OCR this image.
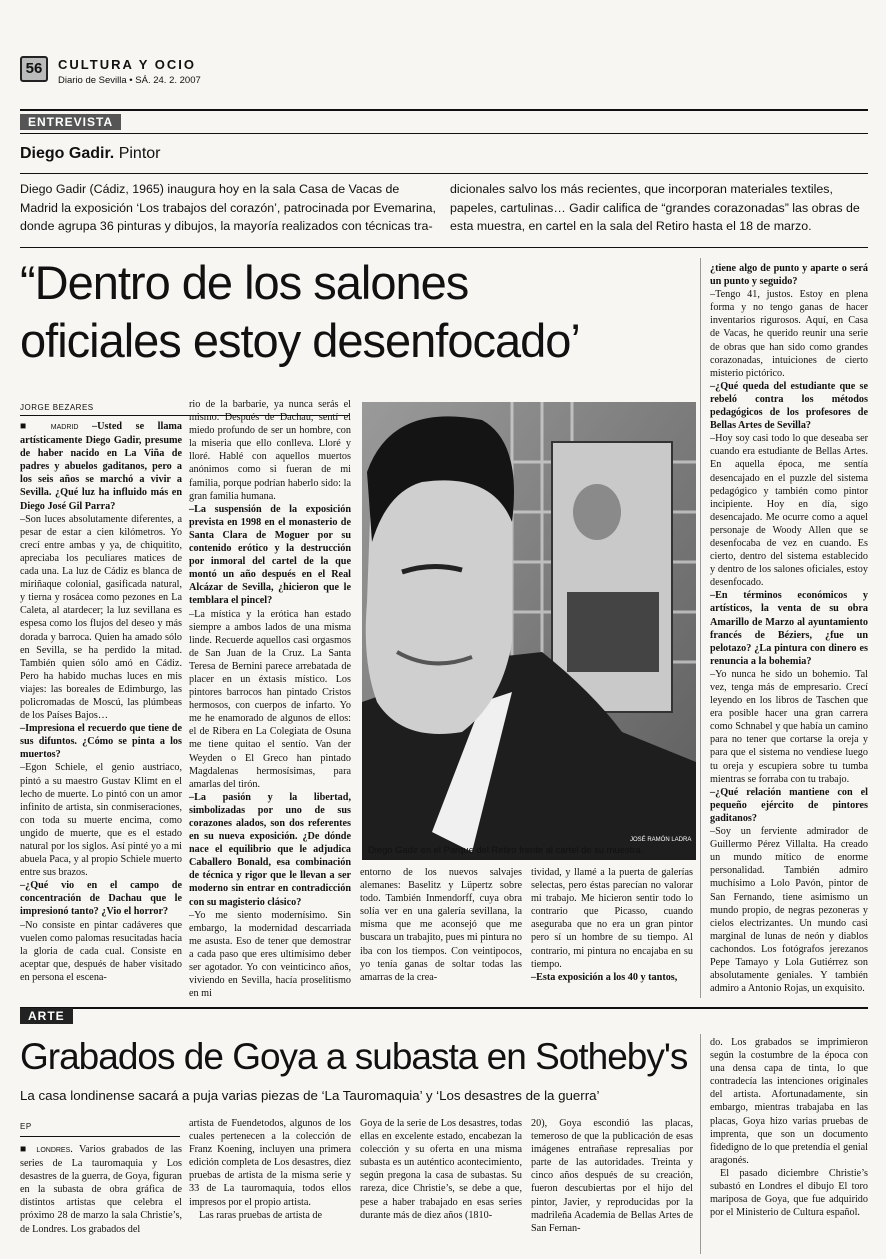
56	CULTURA Y OCIO
Diario de Sevilla • SÁ. 24. 2. 2007
ENTREVISTA
Diego Gadir. Pintor
Diego Gadir (Cádiz, 1965) inaugura hoy en la sala Casa de Vacas de Madrid la exposición ‘Los trabajos del corazón’, patrocinada por Evemarina, donde agrupa 36 pinturas y dibujos, la mayoría realizados con técnicas tra-
dicionales salvo los más recientes, que incorporan materiales textiles, papeles, cartulinas… Gadir califica de “grandes corazonadas” las obras de esta muestra, en cartel en la sala del Retiro hasta el 18 de marzo.
“Dentro de los salones
oficiales estoy desenfocado’
JORGE BEZARES

■ MADRID –Usted se llama artísticamente Diego Gadir, presume de haber nacido en La Viña de padres y abuelos gaditanos, pero a los seis años se marchó a vivir a Sevilla. ¿Qué luz ha influido más en Diego José Gil Parra?

–Son luces absolutamente diferentes, a pesar de estar a cien kilómetros. Yo crecí entre ambas y ya, de chiquitito, apreciaba los peculiares matices de cada una. La luz de Cádiz es blanca de miriñaque colonial, gasificada natural, y tierna y rosácea como pezones en La Caleta, al atardecer; la luz sevillana es espesa como los flujos del deseo y más dorada y barroca. Quien ha amado sólo en Sevilla, se ha perdido la mitad. También quien sólo amó en Cádiz. Pero ha habido muchas luces en mis viajes: las boreales de Edimburgo, las policromadas de Moscú, las plúmbeas de los Países Bajos…

–Impresiona el recuerdo que tiene de sus difuntos. ¿Cómo se pinta a los muertos?

–Egon Schiele, el genio austriaco, pintó a su maestro Gustav Klimt en el lecho de muerte. Lo pintó con un amor infinito de artista, sin conmiseraciones, con toda su muerte encima, como ungido de muerte, que es el estado natural por los siglos. Así pinté yo a mi abuela Paca, y al propio Schiele muerto entre sus brazos.

–¿Qué vio en el campo de concentración de Dachau que le impresionó tanto? ¿Vio el horror?

–No consiste en pintar cadáveres que vuelen como palomas resucitadas hacia la gloria de cada cual. Consiste en aceptar que, después de haber visitado en persona el escena-

rio de la barbarie, ya nunca serás el mismo. Después de Dachau, sentí el miedo profundo de ser un hombre, con la miseria que ello conlleva. Lloré y lloré. Hablé con aquellos muertos anónimos como si fueran de mi familia, porque podrían haberlo sido: la gran familia humana.

–La suspensión de la exposición prevista en 1998 en el monasterio de Santa Clara de Moguer por su contenido erótico y la destrucción por inmoral del cartel de la que montó un año después en el Real Alcázar de Sevilla, ¿hicieron que le temblara el pincel?

–La mística y la erótica han estado siempre a ambos lados de una misma linde. Recuerde aquellos casi orgasmos de San Juan de la Cruz. La Santa Teresa de Bernini parece arrebatada de placer en un éxtasis místico. Los pintores barrocos han pintado Cristos hermosos, con cuerpos de infarto. Yo me he enamorado de algunos de ellos: el de Ribera en La Colegiata de Osuna me tiene quitao el sentío. Van der Weyden o El Greco han pintado Magdalenas hermosísimas, para amarlas del tirón.

–La pasión y la libertad, simbolizadas por uno de sus corazones alados, son dos referentes en su nueva exposición. ¿De dónde nace el equilibrio que le adjudica Caballero Bonald, esa combinación de técnica y rigor que le llevan a ser moderno sin entrar en contradicción con su magisterio clásico?

–Yo me siento modernísimo. Sin embargo, la modernidad descarriada me asusta. Eso de tener que demostrar a cada paso que eres ultimísimo deber ser agotador. Yo con veinticinco años, viviendo en Sevilla, hacía proselitismo en mi

JOSÉ RAMÓN LADRA
Diego Gadir en el Parque del Retiro frente al cartel de su muestra.

entorno de los nuevos salvajes alemanes: Baselitz y Lüpertz sobre todo. También Inmendorff, cuya obra solía ver en una galería sevillana, la misma que me aconsejó que me buscara un trabajito, pues mi pintura no iba con los tiempos. Con veintipocos, yo tenía ganas de soltar todas las amarras de la crea-

tividad, y llamé a la puerta de galerías selectas, pero éstas parecían no valorar mi trabajo. Me hicieron sentir todo lo contrario que Picasso, cuando aseguraba que no era un gran pintor pero sí un hombre de su tiempo. Al contrario, mi pintura no encajaba en su tiempo.

–Esta exposición a los 40 y tantos,

¿tiene algo de punto y aparte o será un punto y seguido?

–Tengo 41, justos. Estoy en plena forma y no tengo ganas de hacer inventarios rigurosos. Aquí, en Casa de Vacas, he querido reunir una serie de obras que han sido como grandes corazonadas, intuiciones de cierto misterio pictórico.

–¿Qué queda del estudiante que se rebeló contra los métodos pedagógicos de los profesores de Bellas Artes de Sevilla?

–Hoy soy casi todo lo que deseaba ser cuando era estudiante de Bellas Artes. En aquella época, me sentía desencajado en el puzzle del sistema pedagógico y también como pintor incipiente. Hoy en día, sigo desencajado. Me ocurre como a aquel personaje de Woody Allen que se desenfocaba de vez en cuando. Es cierto, dentro del sistema establecido y dentro de los salones oficiales, estoy desenfocado.

–En términos económicos y artísticos, la venta de su obra Amarillo de Marzo al ayuntamiento francés de Béziers, ¿fue un pelotazo? ¿La pintura con dinero es renuncia a la bohemia?

–Yo nunca he sido un bohemio. Tal vez, tenga más de empresario. Crecí leyendo en los libros de Taschen que era posible hacer una gran carrera como Schnabel y que había un camino para no tener que cortarse la oreja y para que el sistema no vendiese luego tu oreja y escupiera sobre tu tumba mientras se forraba con tu trabajo.

–¿Qué relación mantiene con el pequeño ejército de pintores gaditanos?

–Soy un ferviente admirador de Guillermo Pérez Villalta. Ha creado un mundo mítico de enorme personalidad. También admiro muchísimo a Lolo Pavón, pintor de San Fernando, tiene asimismo un mundo propio, de negras pezoneras y cielos electrizantes. Un mundo casi marginal de lunas de neón y diablos cachondos. Los fotógrafos jerezanos Pepe Tamayo y Lola Gutiérrez son absolutamente geniales. Y también admiro a Antonio Rojas, un exquisito.

ARTE
Grabados de Goya a subasta en Sotheby's
La casa londinense sacará a puja varias piezas de ‘La Tauromaquia’ y ‘Los desastres de la guerra’
EP

■ LONDRES. Varios grabados de las series de La tauromaquia y Los desastres de la guerra, de Goya, figuran en la subasta de obra gráfica de distintos artistas que celebra el próximo 28 de marzo la sala Christie’s, de Londres. Los grabados del

artista de Fuendetodos, algunos de los cuales pertenecen a la colección de Franz Koening, incluyen una primera edición completa de Los desastres, diez pruebas de artista de la misma serie y 33 de La tauromaquia, todos ellos impresos por el propio artista.

Las raras pruebas de artista de

Goya de la serie de Los desastres, todas ellas en excelente estado, encabezan la colección y su oferta en una misma subasta es un auténtico acontecimiento, según pregona la casa de subastas. Su rareza, dice Christie’s, se debe a que, pese a haber trabajado en esas series durante más de diez años (1810-

20), Goya escondió las placas, temeroso de que la publicación de esas imágenes entrañase represalias por parte de las autoridades. Treinta y cinco años después de su creación, fueron descubiertas por el hijo del pintor, Javier, y reproducidas por la madrileña Academia de Bellas Artes de San Fernan-

do. Los grabados se imprimieron según la costumbre de la época con una densa capa de tinta, lo que contradecía las intenciones originales del artista. Afortunadamente, sin embargo, mientras trabajaba en las placas, Goya hizo varias pruebas de imprenta, que son un documento fidedigno de lo que pretendía el genial aragonés.

El pasado diciembre Christie’s subastó en Londres el dibujo El toro mariposa de Goya, que fue adquirido por el Ministerio de Cultura español.
